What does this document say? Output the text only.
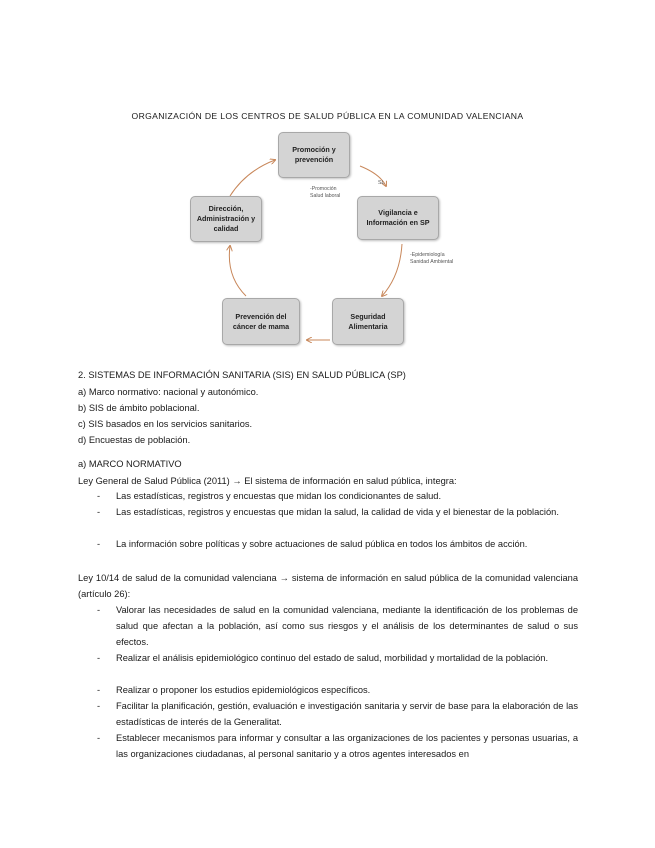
ORGANIZACIÓN DE LOS CENTROS DE SALUD PÚBLICA EN LA COMUNIDAD VALENCIANA
Promoción y prevención
Vigilancia e Información en SP
Seguridad Alimentaria
Prevención del cáncer de mama
Dirección, Administración y calidad
-Promoción
Salud laboral
SL
-Epidemiología
Sanidad Ambiental
2. SISTEMAS DE INFORMACIÓN SANITARIA (SIS) EN SALUD PÚBLICA (SP)
a) Marco normativo: nacional y autonómico.
b) SIS de ámbito poblacional.
c) SIS basados en los servicios sanitarios.
d) Encuestas de población.
a) MARCO NORMATIVO
Ley General de Salud Pública (2011) → El sistema de información en salud pública, integra:
- Las estadísticas, registros y encuestas que midan los condicionantes de salud.
- Las estadísticas, registros y encuestas que midan la salud, la calidad de vida y el bienestar de la población.
- La información sobre políticas y sobre actuaciones de salud pública en todos los ámbitos de acción.
Ley 10/14 de salud de la comunidad valenciana → sistema de información en salud pública de la comunidad valenciana (artículo 26):
- Valorar las necesidades de salud en la comunidad valenciana, mediante la identificación de los problemas de salud que afectan a la población, así como sus riesgos y el análisis de los determinantes de salud o sus efectos.
- Realizar el análisis epidemiológico continuo del estado de salud, morbilidad y mortalidad de la población.
- Realizar o proponer los estudios epidemiológicos específicos.
- Facilitar la planificación, gestión, evaluación e investigación sanitaria y servir de base para la elaboración de las estadísticas de interés de la Generalitat.
- Establecer mecanismos para informar y consultar a las organizaciones de los pacientes y personas usuarias, a las organizaciones ciudadanas, al personal sanitario y a otros agentes interesados en
